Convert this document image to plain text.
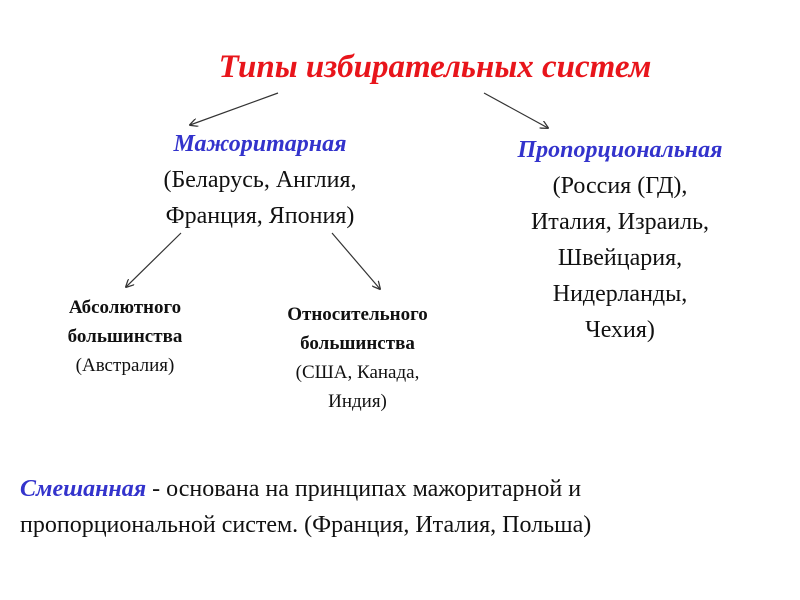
Типы избирательных систем
Мажоритарная
(Беларусь, Англия,
Франция, Япония)
Пропорциональная
(Россия (ГД),
Италия, Израиль,
Швейцария,
Нидерланды,
Чехия)
Абсолютного
большинства
(Австралия)
Относительного
большинства
(США, Канада,
Индия)
Смешанная - основана на принципах мажоритарной и
пропорциональной систем. (Франция, Италия, Польша)
